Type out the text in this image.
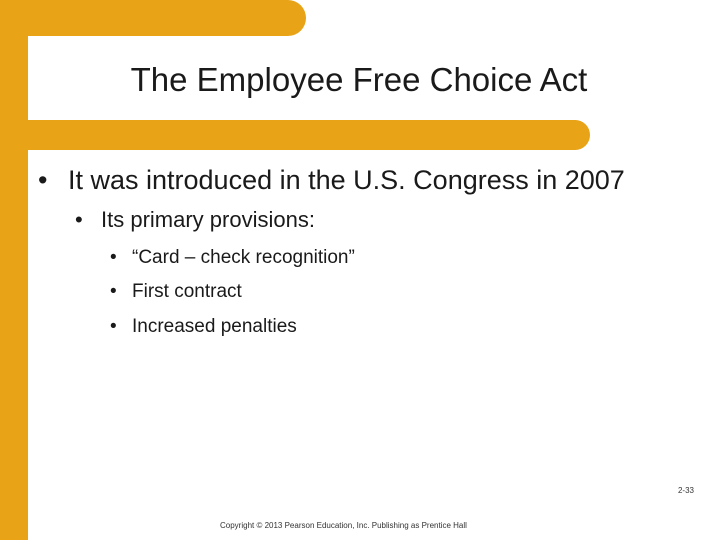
The Employee Free Choice Act

• It was introduced in the U.S. Congress in 2007

• Its primary provisions:

• “Card – check recognition”

• First contract

• Increased penalties

2-33
Copyright © 2013 Pearson Education, Inc. Publishing as Prentice Hall
